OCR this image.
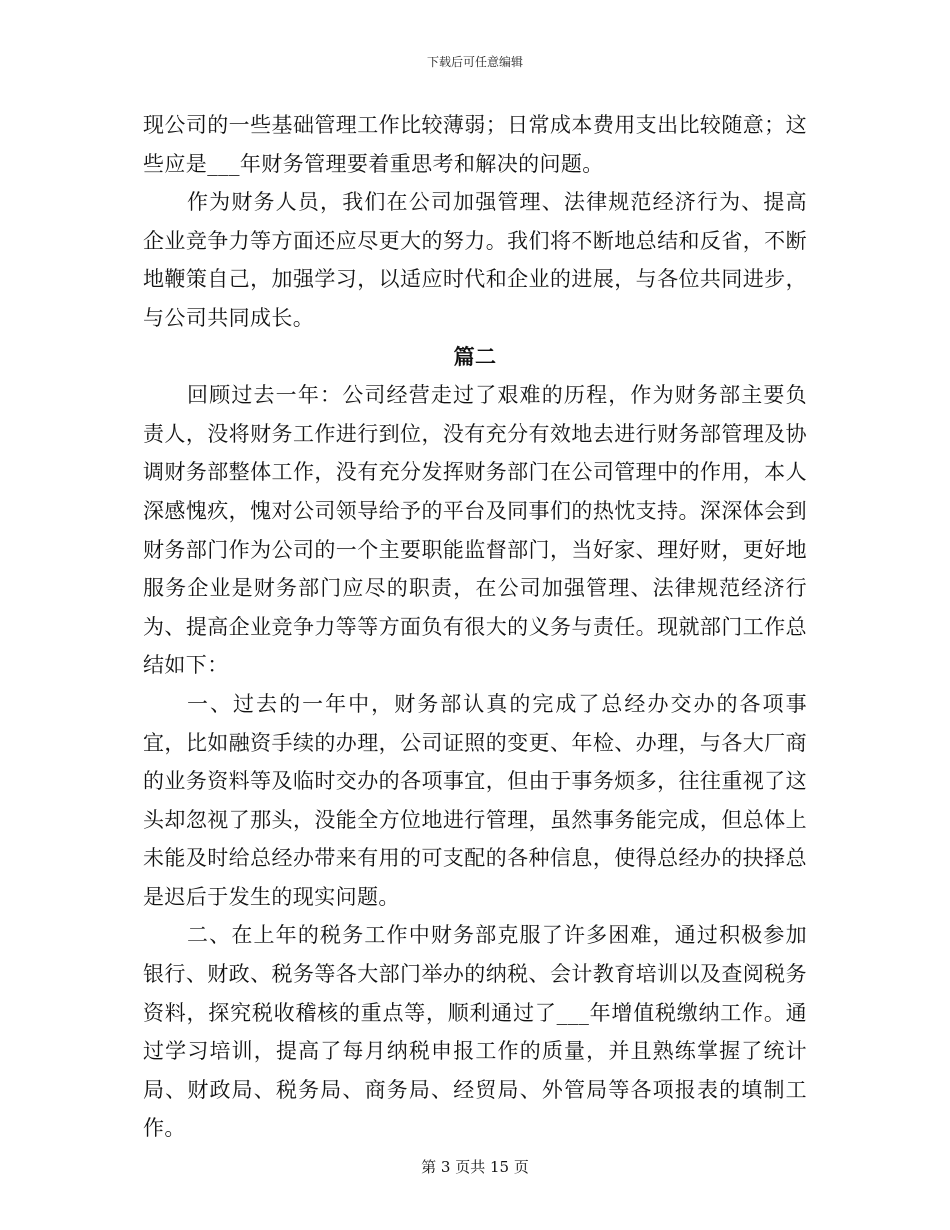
下载后可任意编辑

现公司的一些基础管理工作比较薄弱；日常成本费用支出比较随意；这些应是___年财务管理要着重思考和解决的问题。

作为财务人员，我们在公司加强管理、法律规范经济行为、提高企业竞争力等方面还应尽更大的努力。我们将不断地总结和反省，不断地鞭策自己，加强学习，以适应时代和企业的进展，与各位共同进步，与公司共同成长。

篇二

回顾过去一年：公司经营走过了艰难的历程，作为财务部主要负责人，没将财务工作进行到位，没有充分有效地去进行财务部管理及协调财务部整体工作，没有充分发挥财务部门在公司管理中的作用，本人深感愧疚，愧对公司领导给予的平台及同事们的热忱支持。深深体会到财务部门作为公司的一个主要职能监督部门，当好家、理好财，更好地服务企业是财务部门应尽的职责，在公司加强管理、法律规范经济行为、提高企业竞争力等等方面负有很大的义务与责任。现就部门工作总结如下：

一、过去的一年中，财务部认真的完成了总经办交办的各项事宜，比如融资手续的办理，公司证照的变更、年检、办理，与各大厂商的业务资料等及临时交办的各项事宜，但由于事务烦多，往往重视了这头却忽视了那头，没能全方位地进行管理，虽然事务能完成，但总体上未能及时给总经办带来有用的可支配的各种信息，使得总经办的抉择总是迟后于发生的现实问题。

二、在上年的税务工作中财务部克服了许多困难，通过积极参加银行、财政、税务等各大部门举办的纳税、会计教育培训以及查阅税务资料，探究税收稽核的重点等，顺利通过了___年增值税缴纳工作。通过学习培训，提高了每月纳税申报工作的质量，并且熟练掌握了统计局、财政局、税务局、商务局、经贸局、外管局等各项报表的填制工作。

第 3 页共 15 页
